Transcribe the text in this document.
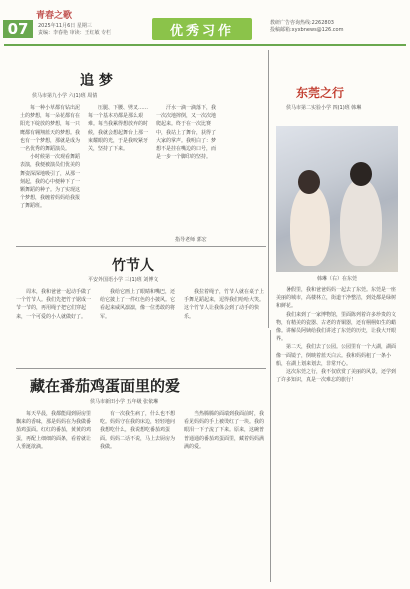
07
青春之歌
2025年11月6日 星期三
责编：李春艳 审读：王红敏 专栏	优秀习作
教研广告咨询热线:2262803
投稿邮箱:xyxbnews@126.com
追 梦
侯马市第九小学 六(1)班 周倩

每一种小草都有钻出泥土的梦想，每一朵花都有在阳光下绽放的梦想，每一只鹰都有翱翔蓝天的梦想。我也有一个梦想，那就是成为一名优秀的舞蹈演员。

小时候第一次观看舞蹈表演，我便被演员们优美的舞姿深深地吸引了，从那一刻起，我的心中便种下了一颗舞蹈的种子。为了实现这个梦想，我缠着妈妈给我报了舞蹈班。

压腿、下腰、劈叉……每一个基本功都是那么艰难。每当我累得想放弃的时候，我就会想起舞台上那一束耀眼的光，于是我咬紧牙关，坚持了下来。

汗水一滴一滴落下，我一次次地摔倒，又一次次地爬起来。终于在一次比赛中，我站上了舞台，获得了大家的掌声。我明白了：梦想不是挂在嘴边的口号，而是一步一个脚印的坚持。

指导老师 郭宏
竹节人
平安外国语小学 三(1)班 刘博文

周末，我和爸爸一起动手做了一个竹节人。我们先把竹子锯成一节一节的，再用绳子把它们穿起来，一个可爱的小人就做好了。

我给它画上了眼睛和嘴巴，还给它披上了一件红色的小披风。它看起来威风凛凛，像一位勇敢的将军。

我拉着绳子，竹节人就在桌子上手舞足蹈起来，逗得我们哈哈大笑。这个竹节人让我体会到了动手的快乐。

东莞之行
侯马市第二实验小学 四(1)班 韩琳
韩琳（右）在东莞

暑假里，我和爸爸妈妈一起去了东莞。东莞是一座美丽的城市，高楼林立，街道干净整洁，到处都是绿树和鲜花。

我们来到了一家博物馆，里面陈列着许多珍贵的文物，有精美的瓷器、古老的青铜器，还有栩栩如生的蜡像。讲解员阿姨给我们讲述了东莞的历史，让我大开眼界。

第二天，我们去了公园。公园里有一个大湖，湖面像一面镜子，倒映着蓝天白云。我和妈妈租了一条小船，在湖上划来划去，非常开心。

这次东莞之行，我不仅欣赏了美丽的风景，还学到了许多知识，真是一次难忘的旅行！

藏在番茄鸡蛋面里的爱
侯马市新田小学 五年级 张依琳

每天早晨，我都能闻到厨房里飘来的香味，那是妈妈在为我做番茄鸡蛋面。红红的番茄，黄黄的鸡蛋，再配上细细的面条，看着就让人垂涎欲滴。

有一次我生病了，什么也不想吃。妈妈守在我的床边，轻轻地问我想吃什么，我说想吃番茄鸡蛋面。妈妈二话不说，马上去厨房为我做。

当热腾腾的面端到我面前时，我看见妈妈的手上被烫红了一块。我的眼泪一下子流了下来。原来，这碗普普通通的番茄鸡蛋面里，藏着妈妈满满的爱。
